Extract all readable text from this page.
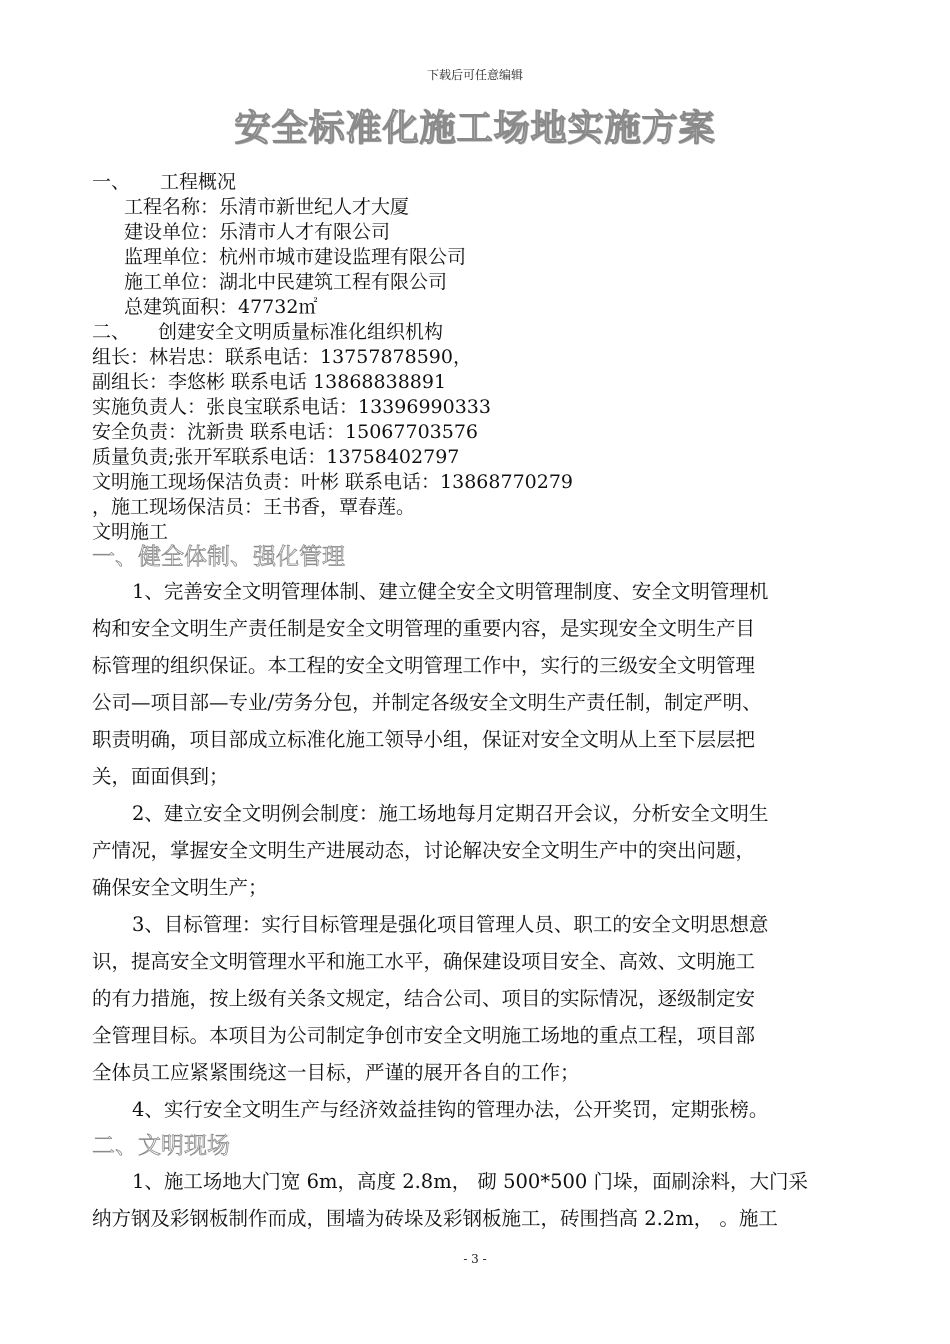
下载后可任意编辑
安全标准化施工场地实施方案
一、 工程概况
工程名称：乐清市新世纪人才大厦
建设单位：乐清市人才有限公司
监理单位：杭州市城市建设监理有限公司
施工单位：湖北中民建筑工程有限公司
总建筑面积：47732㎡
二、 创建安全文明质量标准化组织机构
组长：林岩忠：联系电话：13757878590，
副组长：李悠彬 联系电话 13868838891
实施负责人：张良宝联系电话：13396990333
安全负责：沈新贵 联系电话：15067703576
质量负责;张开军联系电话：13758402797
文明施工现场保洁负责：叶彬 联系电话：13868770279
，施工现场保洁员：王书香，覃春莲。
文明施工
一、健全体制、强化管理
1、完善安全文明管理体制、建立健全安全文明管理制度、安全文明管理机
构和安全文明生产责任制是安全文明管理的重要内容，是实现安全文明生产目
标管理的组织保证。本工程的安全文明管理工作中，实行的三级安全文明管理
公司—项目部—专业/劳务分包，并制定各级安全文明生产责任制，制定严明、
职责明确，项目部成立标准化施工领导小组，保证对安全文明从上至下层层把
关，面面俱到；
2、建立安全文明例会制度：施工场地每月定期召开会议，分析安全文明生
产情况，掌握安全文明生产进展动态，讨论解决安全文明生产中的突出问题，
确保安全文明生产；
3、目标管理：实行目标管理是强化项目管理人员、职工的安全文明思想意
识，提高安全文明管理水平和施工水平，确保建设项目安全、高效、文明施工
的有力措施，按上级有关条文规定，结合公司、项目的实际情况，逐级制定安
全管理目标。本项目为公司制定争创市安全文明施工场地的重点工程，项目部
全体员工应紧紧围绕这一目标，严谨的展开各自的工作；
4、实行安全文明生产与经济效益挂钩的管理办法，公开奖罚，定期张榜。
二、文明现场
1、施工场地大门宽 6m，高度 2.8m， 砌 500*500 门垛，面刷涂料，大门采
纳方钢及彩钢板制作而成，围墙为砖垛及彩钢板施工，砖围挡高 2.2m， 。施工
- 3 -
